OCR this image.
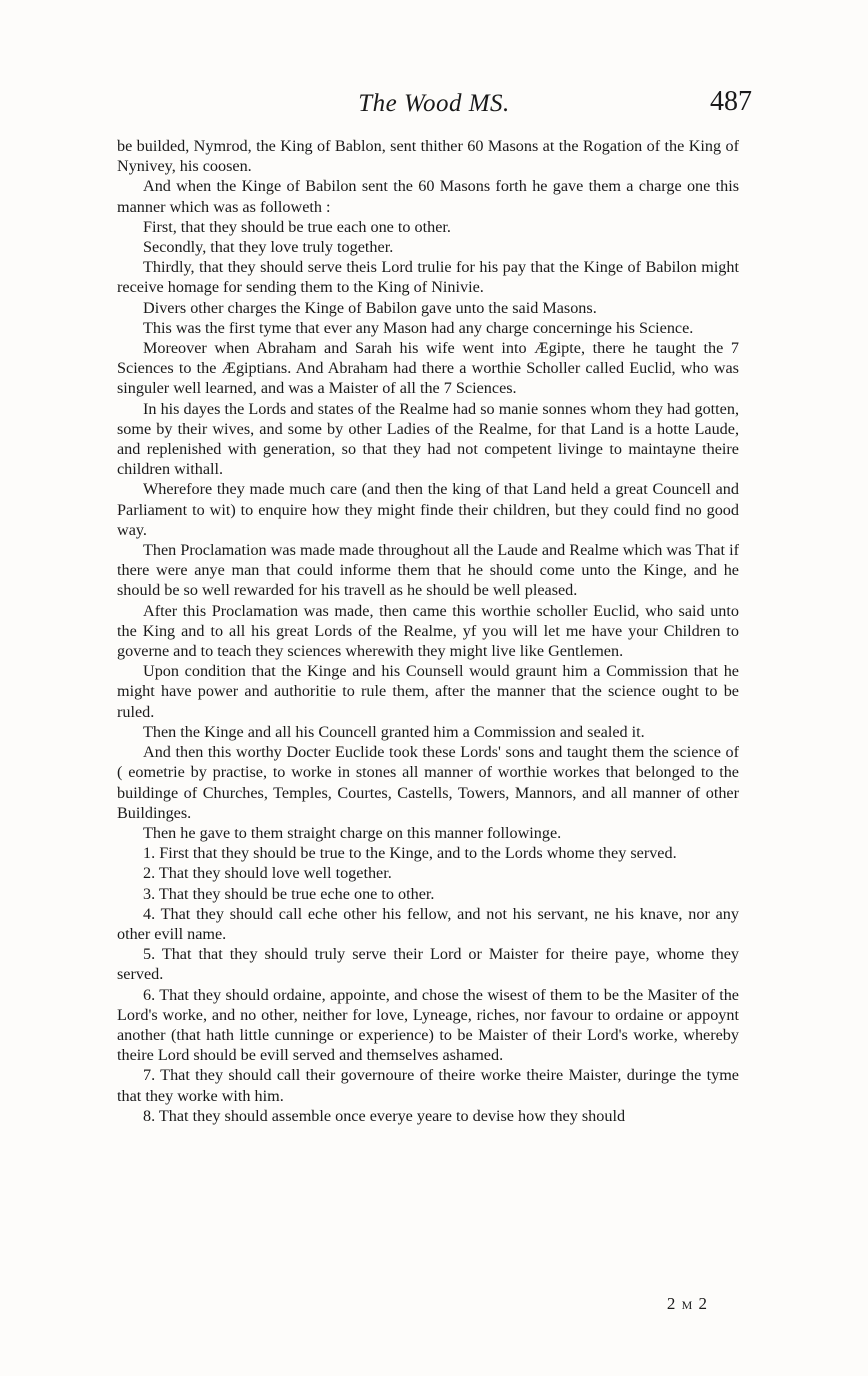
The Wood MS.	487

be builded, Nymrod, the King of Bablon, sent thither 60 Masons at the Rogation of the King of Nynivey, his coosen.

And when the Kinge of Babilon sent the 60 Masons forth he gave them a charge one this manner which was as followeth :

First, that they should be true each one to other.

Secondly, that they love truly together.

Thirdly, that they should serve theis Lord trulie for his pay that the Kinge of Babilon might receive homage for sending them to the King of Ninivie.

Divers other charges the Kinge of Babilon gave unto the said Masons.

This was the first tyme that ever any Mason had any charge concerninge his Science.

Moreover when Abraham and Sarah his wife went into Ægipte, there he taught the 7 Sciences to the Ægiptians. And Abraham had there a worthie Scholler called Euclid, who was singuler well learned, and was a Maister of all the 7 Sciences.

In his dayes the Lords and states of the Realme had so manie sonnes whom they had gotten, some by their wives, and some by other Ladies of the Realme, for that Land is a hotte Laude, and replenished with generation, so that they had not competent livinge to maintayne theire children withall.

Wherefore they made much care (and then the king of that Land held a great Councell and Parliament to wit) to enquire how they might finde their children, but they could find no good way.

Then Proclamation was made made throughout all the Laude and Realme which was That if there were anye man that could informe them that he should come unto the Kinge, and he should be so well rewarded for his travell as he should be well pleased.

After this Proclamation was made, then came this worthie scholler Euclid, who said unto the King and to all his great Lords of the Realme, yf you will let me have your Children to governe and to teach they sciences wherewith they might live like Gentlemen.

Upon condition that the Kinge and his Counsell would graunt him a Commission that he might have power and authoritie to rule them, after the manner that the science ought to be ruled.

Then the Kinge and all his Councell granted him a Commission and sealed it.

And then this worthy Docter Euclide took these Lords' sons and taught them the science of ( eometrie by practise, to worke in stones all manner of worthie workes that belonged to the buildinge of Churches, Temples, Courtes, Castells, Towers, Mannors, and all manner of other Buildinges.

Then he gave to them straight charge on this manner followinge.

1. First that they should be true to the Kinge, and to the Lords whome they served.

2. That they should love well together.

3. That they should be true eche one to other.

4. That they should call eche other his fellow, and not his servant, ne his knave, nor any other evill name.

5. That that they should truly serve their Lord or Maister for theire paye, whome they served.

6. That they should ordaine, appointe, and chose the wisest of them to be the Masiter of the Lord's worke, and no other, neither for love, Lyneage, riches, nor favour to ordaine or appoynt another (that hath little cunninge or experience) to be Maister of their Lord's worke, whereby theire Lord should be evill served and themselves ashamed.

7. That they should call their governoure of theire worke theire Maister, duringe the tyme that they worke with him.

8. That they should assemble once everye yeare to devise how they should

2 M 2
